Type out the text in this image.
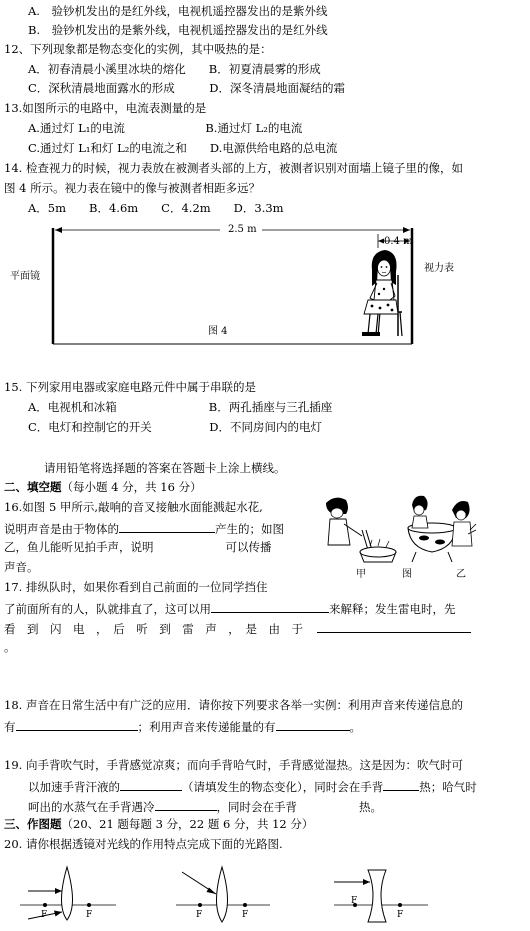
A.　验钞机发出的是红外线，电视机遥控器发出的是紫外线
B.　验钞机发出的是紫外线，电视机遥控器发出的是红外线
12、下列现象都是物态变化的实例，其中吸热的是：
A．初春清晨小溪里冰块的熔化　　B．初夏清晨雾的形成
C．深秋清晨地面露水的形成　　　D．深冬清晨地面凝结的霜
13.如图所示的电路中，电流表测量的是
A.通过灯 L₁的电流　　　　　　　B.通过灯 L₂的电流
C.通过灯 L₁和灯 L₂的电流之和　　D.电源供给电路的总电流
14. 检查视力的时候，视力表放在被测者头部的上方，被测者识别对面墙上镜子里的像，如
图 4 所示。视力表在镜中的像与被测者相距多远？
A．5m　　B．4.6m　　C．4.2m　　D．3.3m
2.5 m
0.4 m
平面镜
视力表
图 4
15. 下列家用电器或家庭电路元件中属于串联的是
A．电视机和冰箱　　　　　　　　B．两孔插座与三孔插座
C．电灯和控制它的开关　　　　　D．不同房间内的电灯
请用铅笔将选择题的答案在答题卡上涂上横线。
二、填空题（每小题 4 分，共 16 分）
16.如图 5 甲所示,敲响的音叉接触水面能溅起水花,
说明声音是由于物体的	产生的；如图
乙，鱼儿能听见拍手声，说明	可以传播
声音。
甲	图	乙
17. 排纵队时，如果你看到自己前面的一位同学挡住
了前面所有的人，队就排直了，这可以用	来解释；发生雷电时，先
看　到　闪　电　，　后　听　到　雷　声　，　是　由　于
。
18. 声音在日常生活中有广泛的应用．请你按下列要求各举一实例：利用声音来传递信息的
有	；利用声音来传递能量的有	。
19. 向手背吹气时，手背感觉凉爽；而向手背哈气时，手背感觉湿热。这是因为：吹气时可
以加速手背汗液的	（请填发生的物态变化），同时会在手背	热；哈气时
呵出的水蒸气在手背遇冷	，同时会在手背	热。
三、作图题（20、21 题每题 3 分，22 题 6 分，共 12 分）
20. 请你根据透镜对光线的作用特点完成下面的光路图.
F	F	F	F
F
F
